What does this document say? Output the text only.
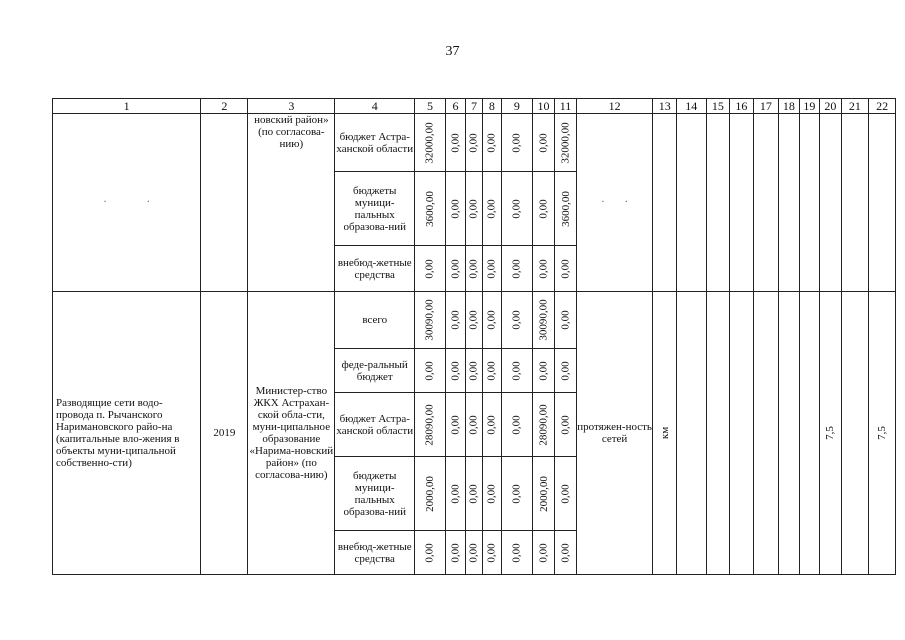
37
1	2	3	4	5	6	7	8	9	10	11	12	13	14	15	16	17	18	19	20	21	22
·                ·		новский район» (по согласова-нию)	бюджет Астра-ханской области	32000,00	0,00	0,00	0,00	0,00	0,00	32000,00	·        ·										
			бюджеты муници-пальных образова-ний	3600,00	0,00	0,00	0,00	0,00	0,00	3600,00											

			внебюд-жетные средства	0,00	0,00	0,00	0,00	0,00	0,00	0,00											

Разводящие сети водо-провода п. Рычанского Наримановского райо-на (капитальные вло-жения в объекты муни-ципальной собственно-сти)	2019	Министер-ство ЖКХ Астрахан-ской обла-сти, муни-ципальное образование «Нарима-новский район» (по согласова-нию)	всего	30090,00	0,00	0,00	0,00	0,00	30090,00	0,00	протяжен-ность сетей	км							7,5		7,5

			феде-ральный бюджет	0,00	0,00	0,00	0,00	0,00	0,00	0,00											

			бюджет Астра-ханской области	28090,00	0,00	0,00	0,00	0,00	28090,00	0,00											

			бюджеты муници-пальных образова-ний	2000,00	0,00	0,00	0,00	0,00	2000,00	0,00											

			внебюд-жетные средства	0,00	0,00	0,00	0,00	0,00	0,00	0,00											
